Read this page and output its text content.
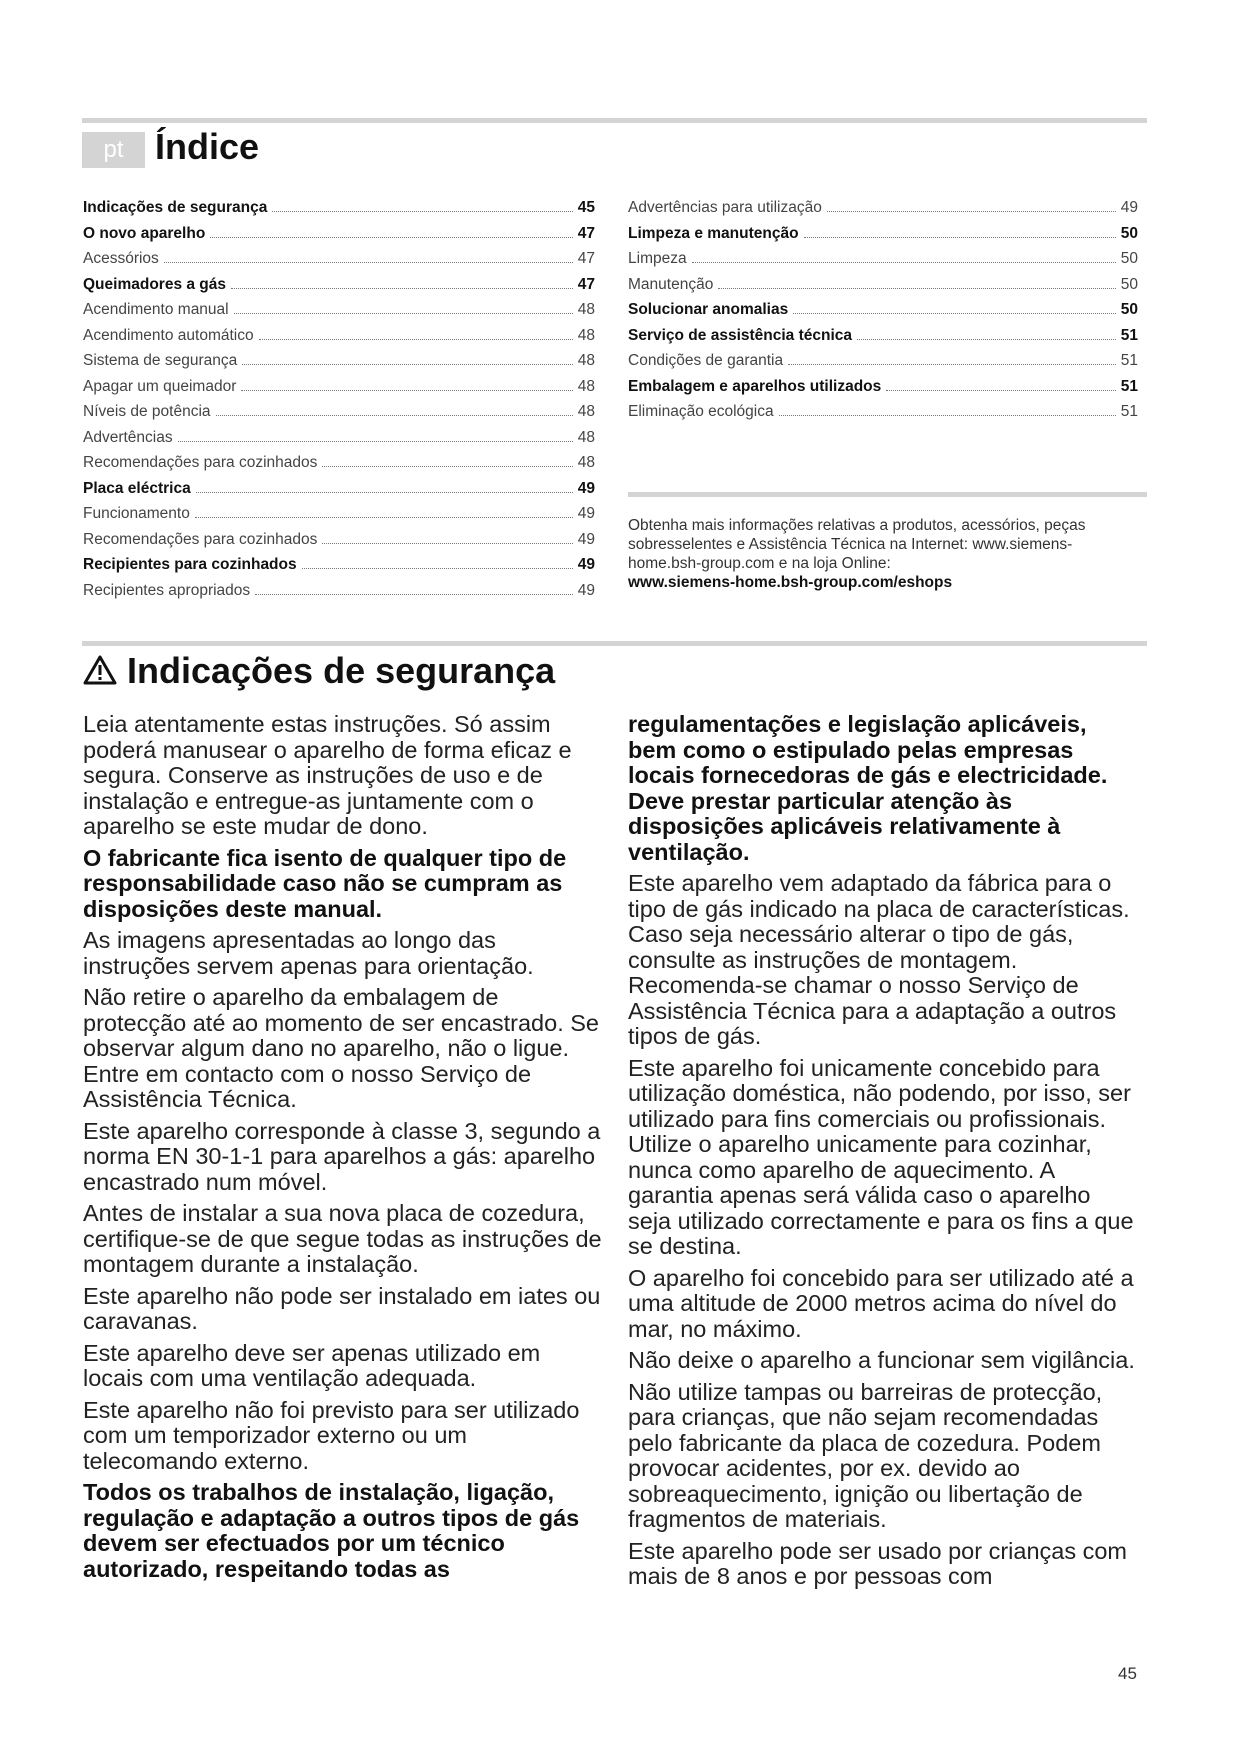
pt Índice
Indicações de segurança	45
O novo aparelho	47
Acessórios	47
Queimadores a gás	47
Acendimento manual	48
Acendimento automático	48
Sistema de segurança	48
Apagar um queimador	48
Níveis de potência	48
Advertências	48
Recomendações para cozinhados	48
Placa eléctrica	49
Funcionamento	49
Recomendações para cozinhados	49
Recipientes para cozinhados	49
Recipientes apropriados	49
Advertências para utilização	49
Limpeza e manutenção	50
Limpeza	50
Manutenção	50
Solucionar anomalias	50
Serviço de assistência técnica	51
Condições de garantia	51
Embalagem e aparelhos utilizados	51
Eliminação ecológica	51
Obtenha mais informações relativas a produtos, acessórios, peças sobresselentes e Assistência Técnica na Internet: www.siemens-home.bsh-group.com e na loja Online:
www.siemens-home.bsh-group.com/eshops
Indicações de segurança

Leia atentamente estas instruções. Só assim poderá manusear o aparelho de forma eficaz e segura. Conserve as instruções de uso e de instalação e entregue-as juntamente com o aparelho se este mudar de dono.

O fabricante fica isento de qualquer tipo de responsabilidade caso não se cumpram as disposições deste manual.

As imagens apresentadas ao longo das instruções servem apenas para orientação.

Não retire o aparelho da embalagem de protecção até ao momento de ser encastrado. Se observar algum dano no aparelho, não o ligue. Entre em contacto com o nosso Serviço de Assistência Técnica.

Este aparelho corresponde à classe 3, segundo a norma EN 30-1-1 para aparelhos a gás: aparelho encastrado num móvel.

Antes de instalar a sua nova placa de cozedura, certifique-se de que segue todas as instruções de montagem durante a instalação.

Este aparelho não pode ser instalado em iates ou caravanas.

Este aparelho deve ser apenas utilizado em locais com uma ventilação adequada.

Este aparelho não foi previsto para ser utilizado com um temporizador externo ou um telecomando externo.

Todos os trabalhos de instalação, ligação, regulação e adaptação a outros tipos de gás devem ser efectuados por um técnico autorizado, respeitando todas as

regulamentações e legislação aplicáveis, bem como o estipulado pelas empresas locais fornecedoras de gás e electricidade. Deve prestar particular atenção às disposições aplicáveis relativamente à ventilação.

Este aparelho vem adaptado da fábrica para o tipo de gás indicado na placa de características. Caso seja necessário alterar o tipo de gás, consulte as instruções de montagem. Recomenda-se chamar o nosso Serviço de Assistência Técnica para a adaptação a outros tipos de gás.

Este aparelho foi unicamente concebido para utilização doméstica, não podendo, por isso, ser utilizado para fins comerciais ou profissionais. Utilize o aparelho unicamente para cozinhar, nunca como aparelho de aquecimento. A garantia apenas será válida caso o aparelho seja utilizado correctamente e para os fins a que se destina.

O aparelho foi concebido para ser utilizado até a uma altitude de 2000 metros acima do nível do mar, no máximo.

Não deixe o aparelho a funcionar sem vigilância.

Não utilize tampas ou barreiras de protecção, para crianças, que não sejam recomendadas pelo fabricante da placa de cozedura. Podem provocar acidentes, por ex. devido ao sobreaquecimento, ignição ou libertação de fragmentos de materiais.

Este aparelho pode ser usado por crianças com mais de 8 anos e por pessoas com

45
